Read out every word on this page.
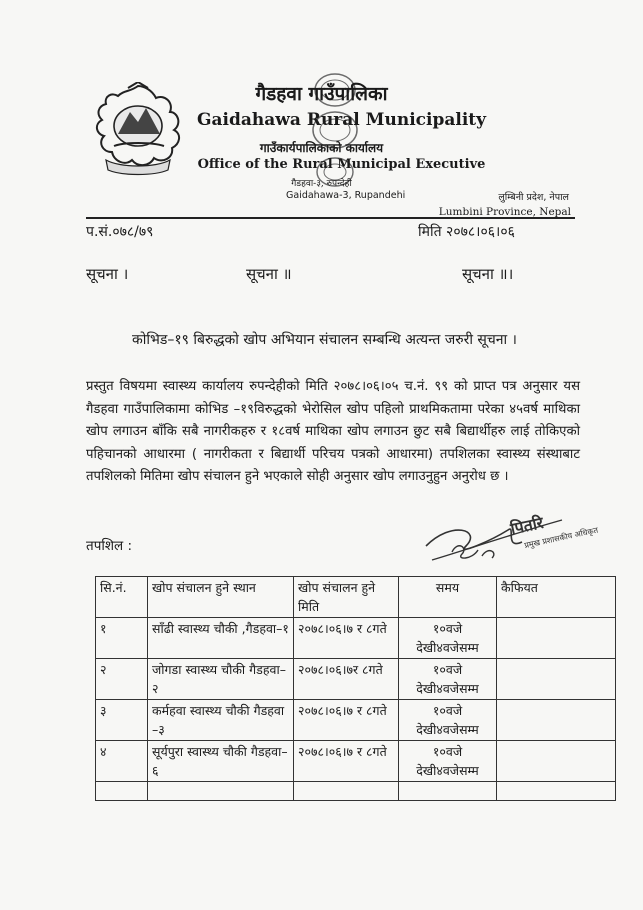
गैडहवा गाउँपालिका
Gaidahawa Rural Municipality
गाउँकार्यपालिकाको कार्यालय
Office of the Rural Municipal Executive
गैडहवा-३, रुपन्देही
Gaidahawa-3, Rupandehi	लुम्बिनी प्रदेश, नेपाल
Lumbini Province, Nepal
प.सं.०७८/७९	मिति २०७८।०६।०६
सूचना ।	सूचना ॥	सूचना ॥।
कोभिड–१९ बिरुद्धको खोप अभियान संचालन सम्बन्धि अत्यन्त जरुरी सूचना ।
प्रस्तुत विषयमा स्वास्थ्य कार्यालय रुपन्देहीको मिति २०७८।०६।०५ च.नं. ९९ को प्राप्त पत्र अनुसार यस गैडहवा गाउँपालिकामा कोभिड –१९विरुद्धको भेरोसिल खोप पहिलो प्राथमिकतामा परेका ४५वर्ष माथिका खोप लगाउन बाँकि सबै नागरीकहरु र १८वर्ष माथिका खोप लगाउन छुट सबै बिद्यार्थीहरु लाई तोकिएको पहिचानको आधारमा ( नागरीकता र बिद्यार्थी परिचय पत्रको आधारमा) तपशिलका स्वास्थ्य संस्थाबाट तपशिलको मितिमा खोप संचालन हुने भएकाले सोही अनुसार खोप लगाउनुहुन अनुरोध छ ।
तपशिल :
पितरि
प्रमुख प्रशासकीय अधिकृत
सि.नं.	खोप संचालन हुने स्थान	खोप संचालन हुने मिति	समय	कैफियत
१	साँढी स्वास्थ्य चौकी ,गैडहवा–१	२०७८।०६।७ र ८गते	१०वजे देखी४वजेसम्म	
२	जोगडा स्वास्थ्य चौकी गैडहवा–२	२०७८।०६।७र ८गते	१०वजे देखी४वजेसम्म	
३	कर्महवा स्वास्थ्य चौकी गैडहवा –३	२०७८।०६।७ र ८गते	१०वजे देखी४वजेसम्म	
४	सूर्यपुरा स्वास्थ्य चौकी गैडहवा–६	२०७८।०६।७ र ८गते	१०वजे देखी४वजेसम्म	
